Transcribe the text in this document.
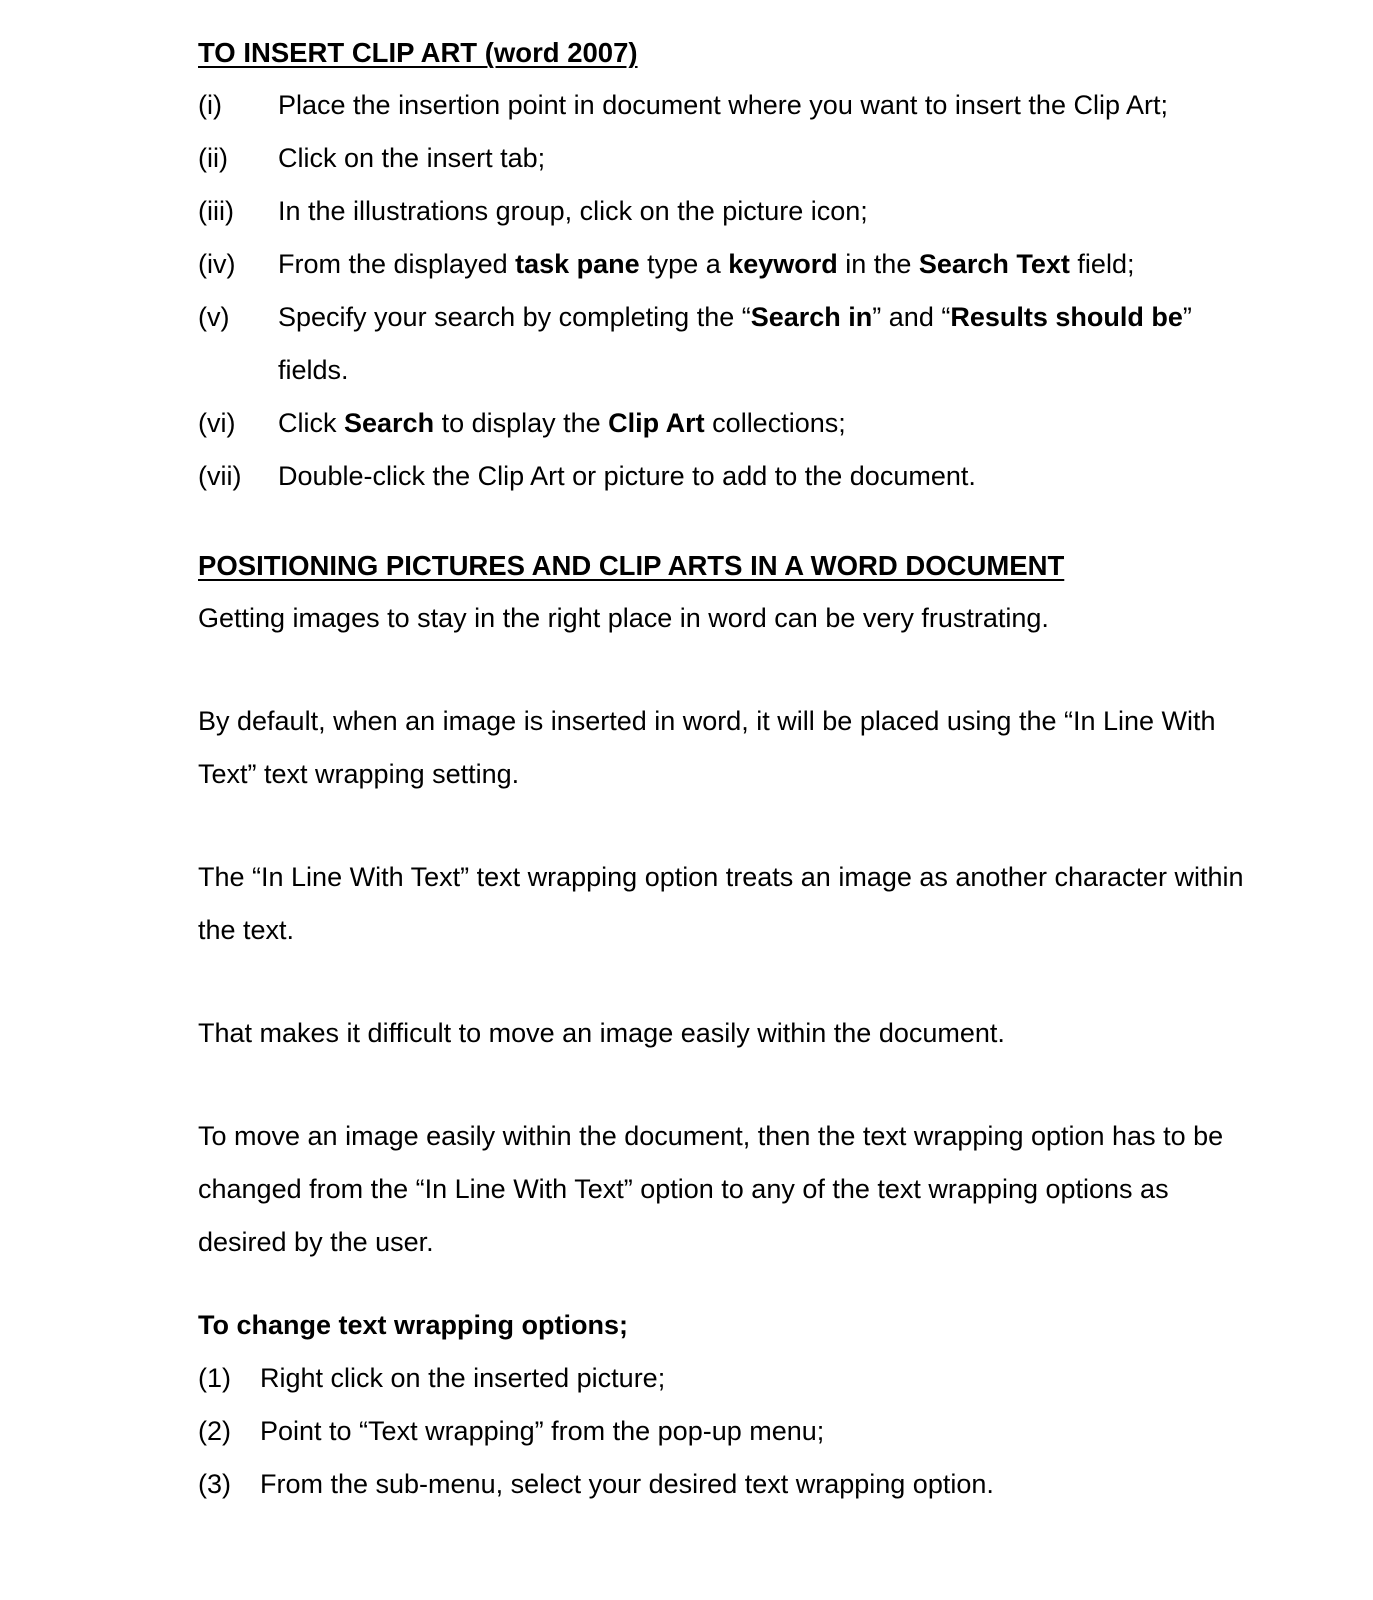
TO INSERT CLIP ART (word 2007)
(i)	Place the insertion point in document where you want to insert the Clip Art;
(ii)	Click on the insert tab;
(iii)	In the illustrations group, click on the picture icon;
(iv)	From the displayed task pane type a keyword in the Search Text field;
(v)	Specify your search by completing the “Search in” and “Results should be” fields.
(vi)	Click Search to display the Clip Art collections;
(vii)	Double-click the Clip Art or picture to add to the document.
POSITIONING PICTURES AND CLIP ARTS IN A WORD DOCUMENT

Getting images to stay in the right place in word can be very frustrating.

By default, when an image is inserted in word, it will be placed using the “In Line With Text” text wrapping setting.

The “In Line With Text” text wrapping option treats an image as another character within the text.

That makes it difficult to move an image easily within the document.

To move an image easily within the document, then the text wrapping option has to be changed from the “In Line With Text” option to any of the text wrapping options as desired by the user.

To change text wrapping options;
(1)	Right click on the inserted picture;
(2)	Point to “Text wrapping” from the pop-up menu;
(3)	From the sub-menu, select your desired text wrapping option.
